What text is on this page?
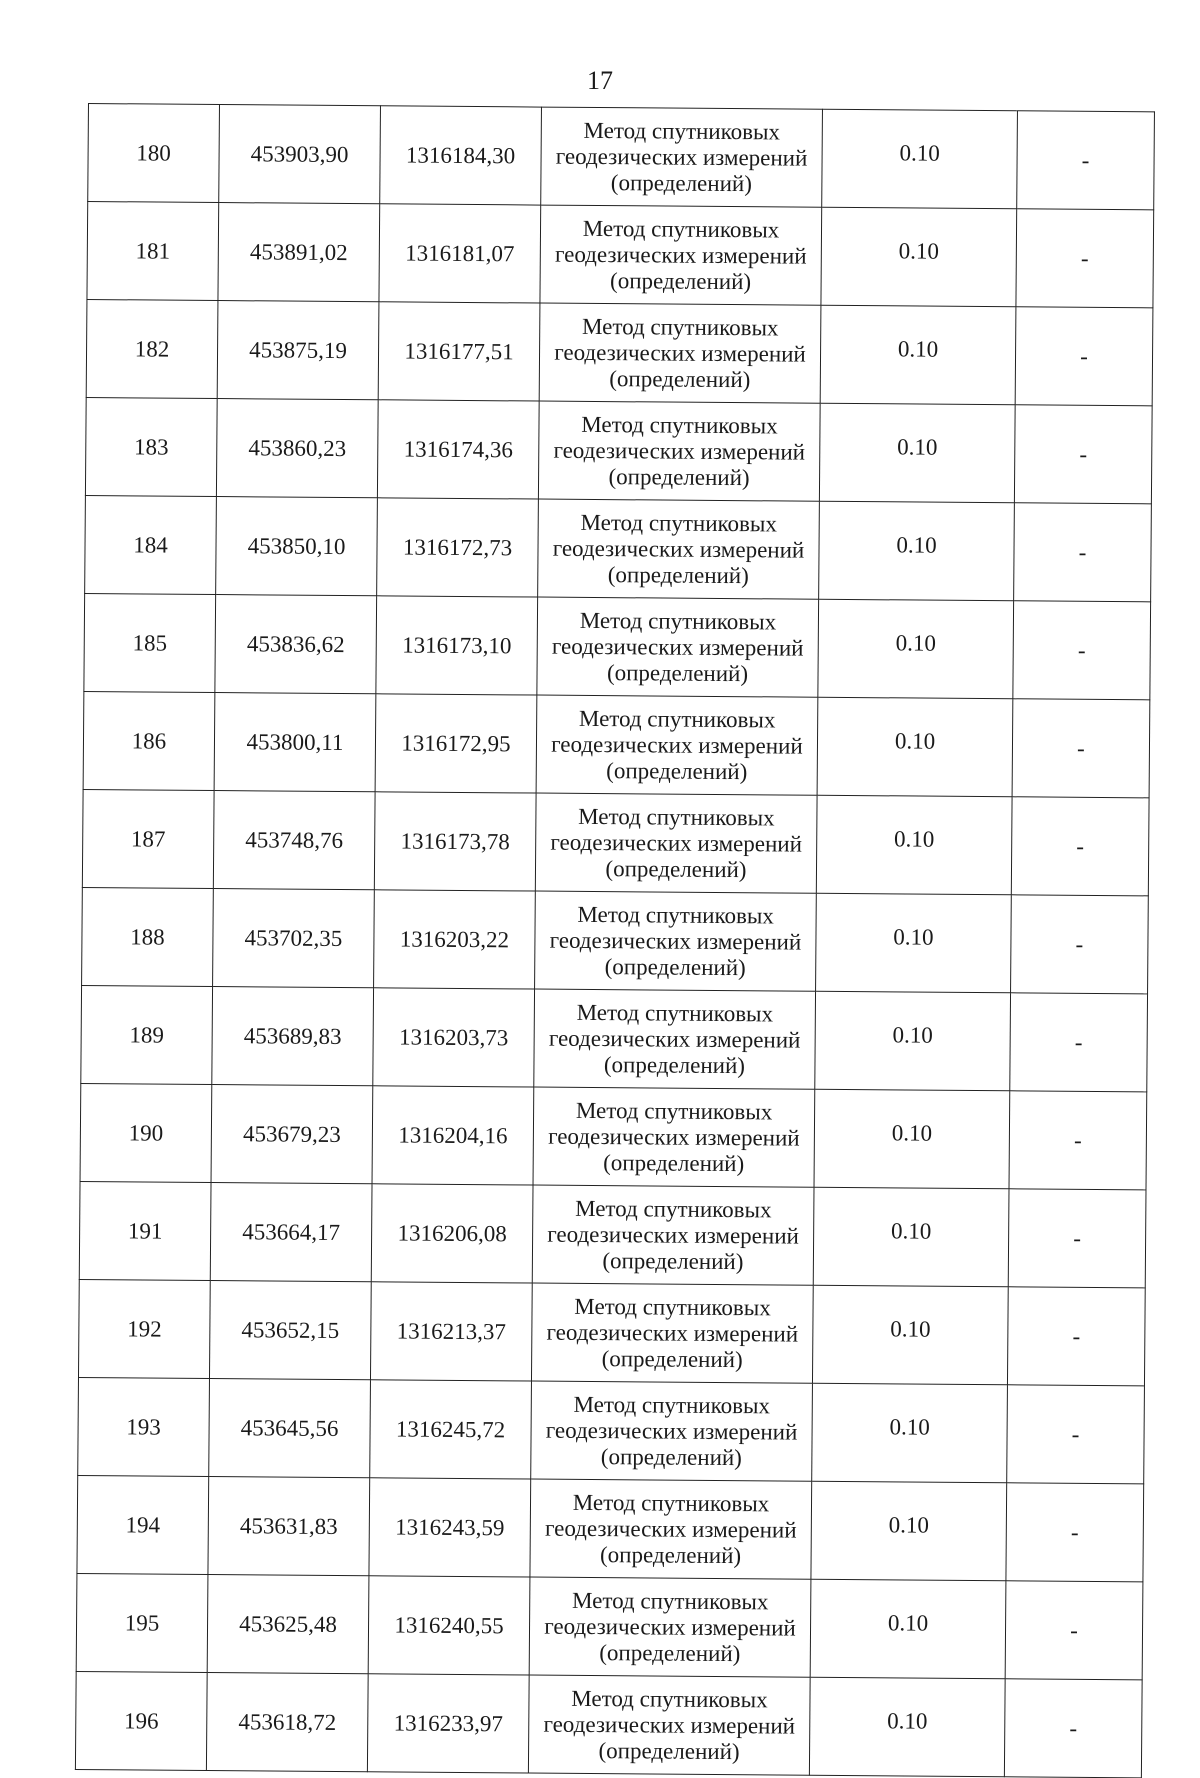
17
180	453903,90	1316184,30	Метод спутниковых
геодезических измерений
(определений)	0.10	-
181	453891,02	1316181,07	Метод спутниковых
геодезических измерений
(определений)	0.10	-
182	453875,19	1316177,51	Метод спутниковых
геодезических измерений
(определений)	0.10	-
183	453860,23	1316174,36	Метод спутниковых
геодезических измерений
(определений)	0.10	-
184	453850,10	1316172,73	Метод спутниковых
геодезических измерений
(определений)	0.10	-
185	453836,62	1316173,10	Метод спутниковых
геодезических измерений
(определений)	0.10	-
186	453800,11	1316172,95	Метод спутниковых
геодезических измерений
(определений)	0.10	-
187	453748,76	1316173,78	Метод спутниковых
геодезических измерений
(определений)	0.10	-
188	453702,35	1316203,22	Метод спутниковых
геодезических измерений
(определений)	0.10	-
189	453689,83	1316203,73	Метод спутниковых
геодезических измерений
(определений)	0.10	-
190	453679,23	1316204,16	Метод спутниковых
геодезических измерений
(определений)	0.10	-
191	453664,17	1316206,08	Метод спутниковых
геодезических измерений
(определений)	0.10	-
192	453652,15	1316213,37	Метод спутниковых
геодезических измерений
(определений)	0.10	-
193	453645,56	1316245,72	Метод спутниковых
геодезических измерений
(определений)	0.10	-
194	453631,83	1316243,59	Метод спутниковых
геодезических измерений
(определений)	0.10	-
195	453625,48	1316240,55	Метод спутниковых
геодезических измерений
(определений)	0.10	-
196	453618,72	1316233,97	Метод спутниковых
геодезических измерений
(определений)	0.10	-
